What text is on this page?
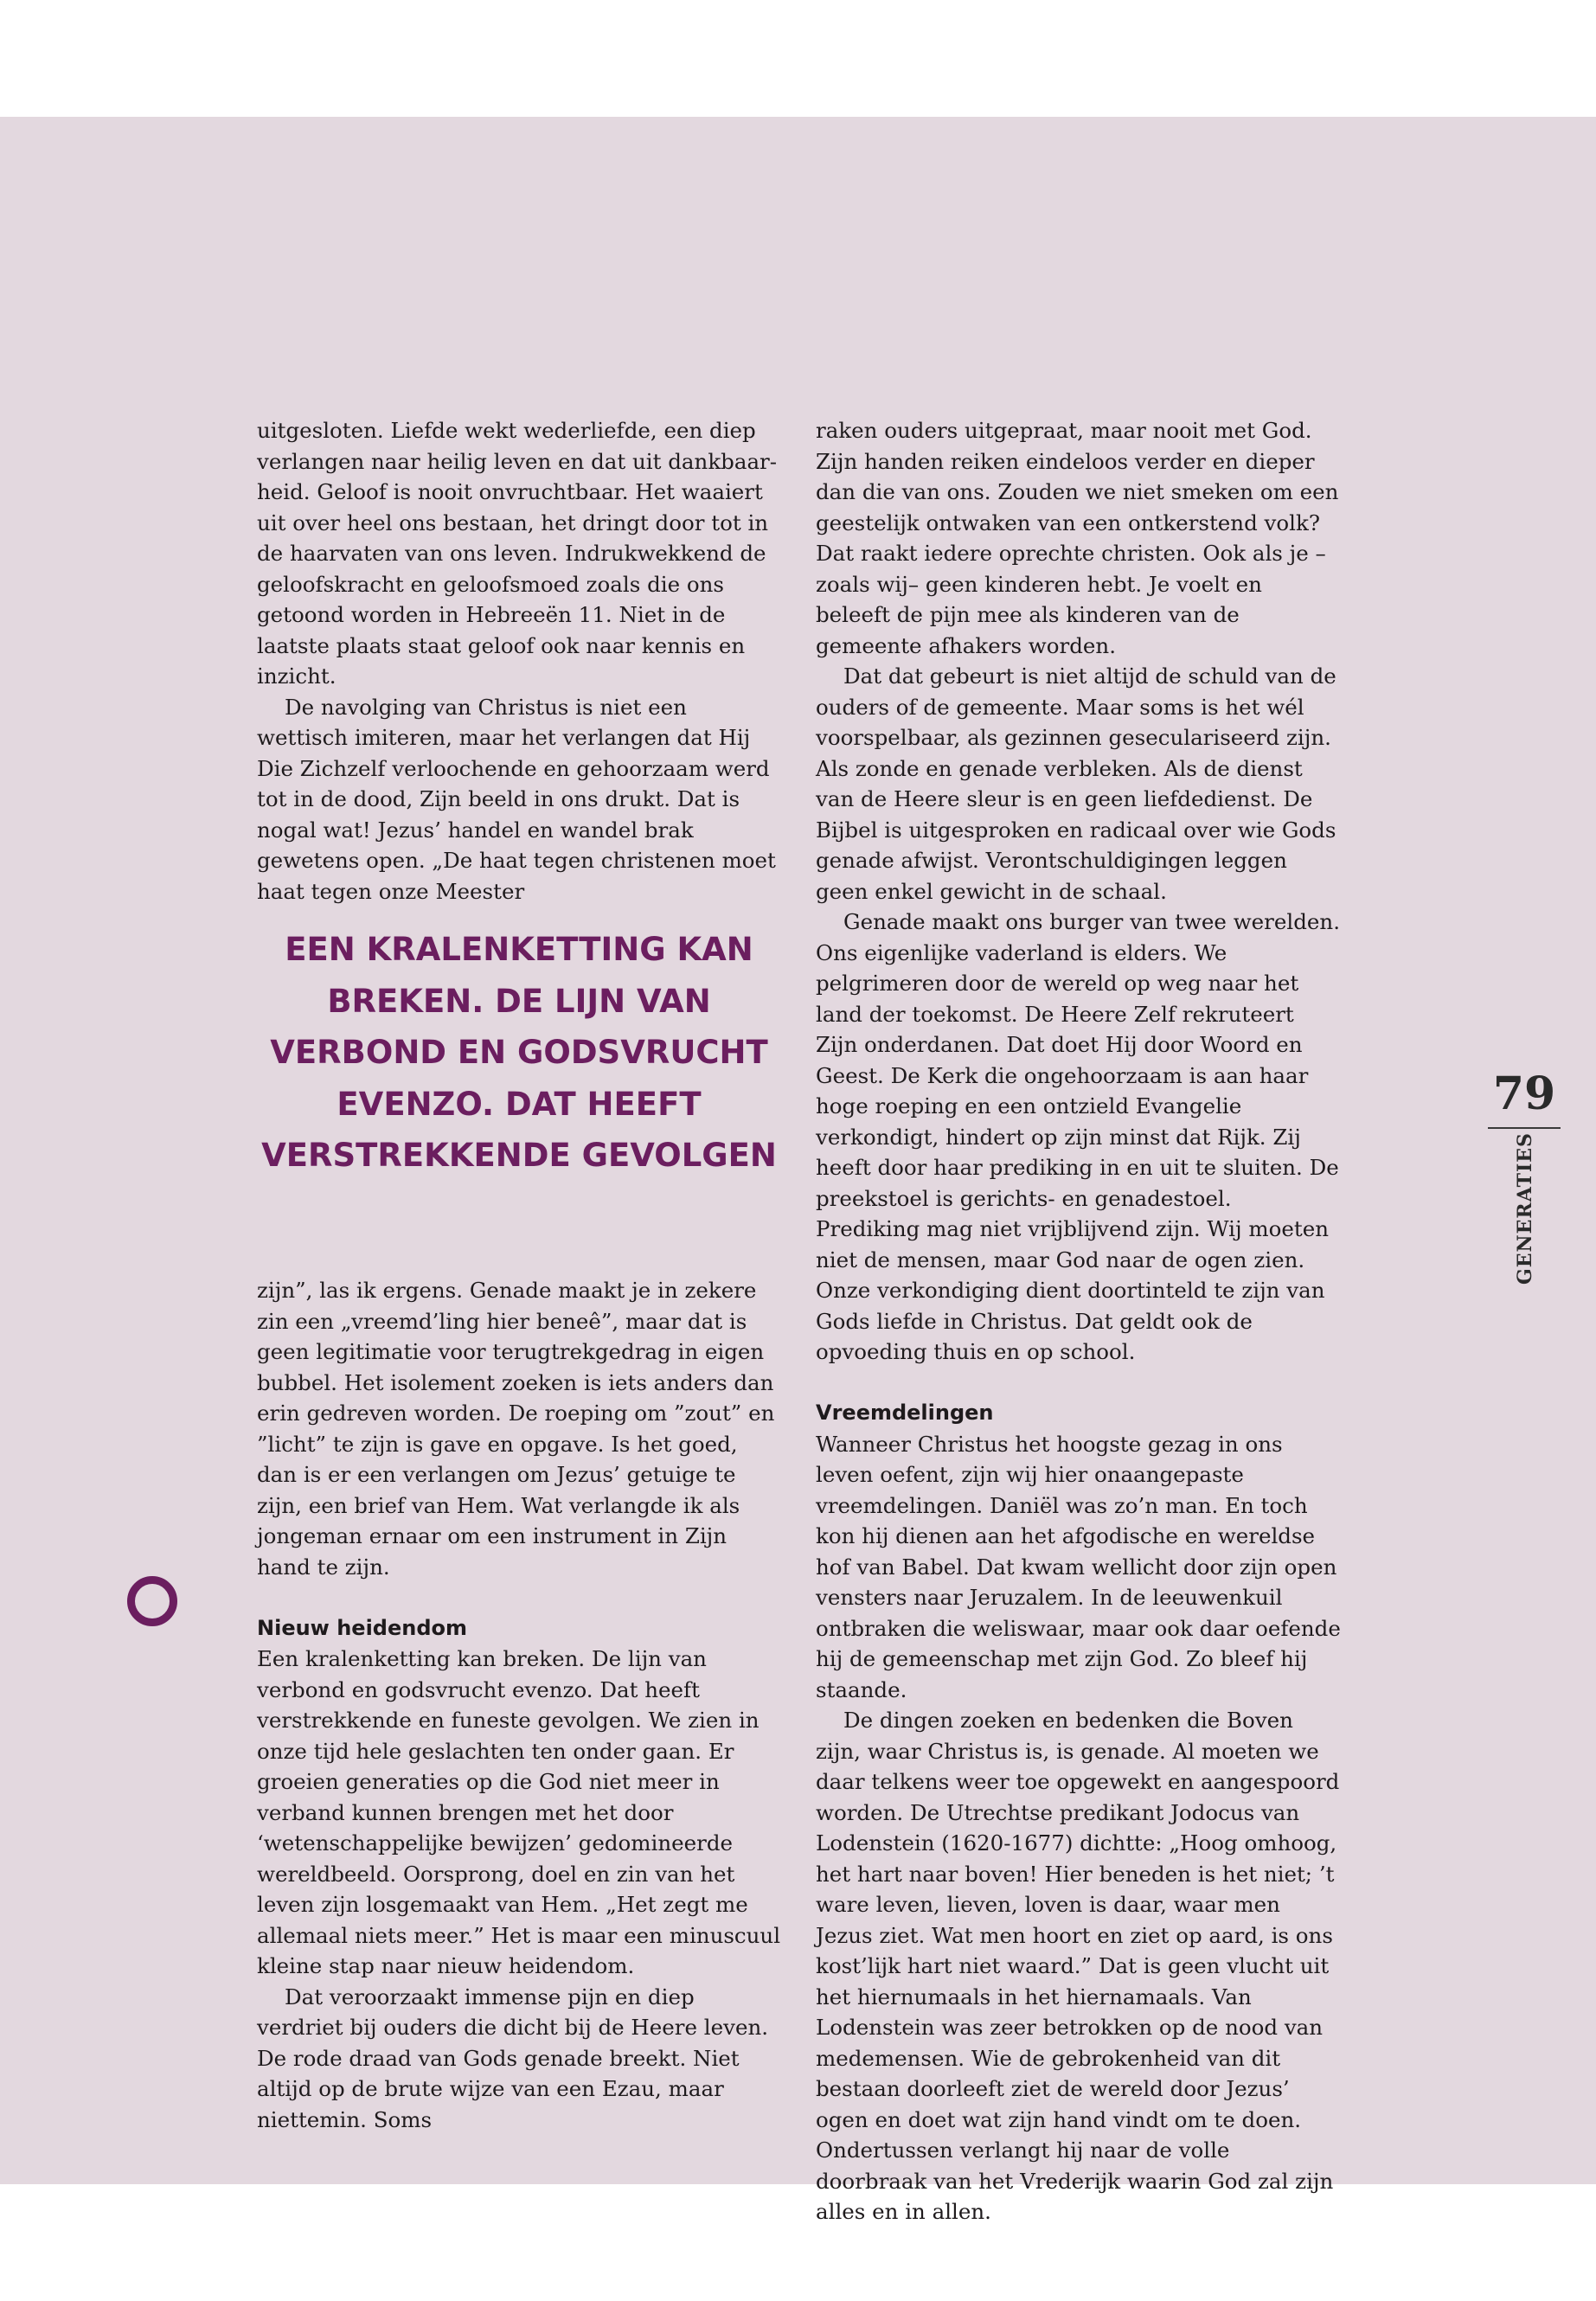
uitgesloten. Liefde wekt wederliefde, een diep verlangen naar heilig leven en dat uit dankbaarheid. Geloof is nooit onvruchtbaar. Het waaiert uit over heel ons bestaan, het dringt door tot in de haarvaten van ons leven. Indrukwekkend de geloofskracht en geloofsmoed zoals die ons getoond worden in Hebreeën 11. Niet in de laatste plaats staat geloof ook naar kennis en inzicht.

De navolging van Christus is niet een wettisch imiteren, maar het verlangen dat Hij Die Zichzelf verloochende en gehoorzaam werd tot in de dood, Zijn beeld in ons drukt. Dat is nogal wat! Jezus’ handel en wandel brak gewetens open. „De haat tegen christenen moet haat tegen onze Meester

EEN KRALENKETTING KAN BREKEN. DE LIJN VAN VERBOND EN GODSVRUCHT EVENZO. DAT HEEFT VERSTREKKENDE GEVOLGEN

zijn”, las ik ergens. Genade maakt je in zekere zin een „vreemd’ling hier beneê”, maar dat is geen legitimatie voor terugtrekgedrag in eigen bubbel. Het isolement zoeken is iets anders dan erin gedreven worden. De roeping om ”zout” en ”licht” te zijn is gave en opgave. Is het goed, dan is er een verlangen om Jezus’ getuige te zijn, een brief van Hem. Wat verlangde ik als jongeman ernaar om een instrument in Zijn hand te zijn.

Nieuw heidendom

Een kralenketting kan breken. De lijn van verbond en godsvrucht evenzo. Dat heeft verstrekkende en funeste gevolgen. We zien in onze tijd hele geslachten ten onder gaan. Er groeien generaties op die God niet meer in verband kunnen brengen met het door ‘wetenschappelijke bewijzen’ gedomineerde wereldbeeld. Oorsprong, doel en zin van het leven zijn losgemaakt van Hem. „Het zegt me allemaal niets meer.” Het is maar een minuscuul kleine stap naar nieuw heidendom.

Dat veroorzaakt immense pijn en diep verdriet bij ouders die dicht bij de Heere leven. De rode draad van Gods genade breekt. Niet altijd op de brute wijze van een Ezau, maar niettemin. Soms

raken ouders uitgepraat, maar nooit met God. Zijn handen reiken eindeloos verder en dieper dan die van ons. Zouden we niet smeken om een geestelijk ontwaken van een ontkerstend volk? Dat raakt iedere oprechte christen. Ook als je –zoals wij– geen kinderen hebt. Je voelt en beleeft de pijn mee als kinderen van de gemeente afhakers worden.

Dat dat gebeurt is niet altijd de schuld van de ouders of de gemeente. Maar soms is het wél voorspelbaar, als gezinnen geseculariseerd zijn. Als zonde en genade verbleken. Als de dienst van de Heere sleur is en geen liefdedienst. De Bijbel is uitgesproken en radicaal over wie Gods genade afwijst. Verontschuldigingen leggen geen enkel gewicht in de schaal.

Genade maakt ons burger van twee werelden. Ons eigenlijke vaderland is elders. We pelgrimeren door de wereld op weg naar het land der toekomst. De Heere Zelf rekruteert Zijn onderdanen. Dat doet Hij door Woord en Geest. De Kerk die ongehoorzaam is aan haar hoge roeping en een ontzield Evangelie verkondigt, hindert op zijn minst dat Rijk. Zij heeft door haar prediking in en uit te sluiten. De preekstoel is gerichts- en genadestoel. Prediking mag niet vrijblijvend zijn. Wij moeten niet de mensen, maar God naar de ogen zien. Onze verkondiging dient doortinteld te zijn van Gods liefde in Christus. Dat geldt ook de opvoeding thuis en op school.

Vreemdelingen

Wanneer Christus het hoogste gezag in ons leven oefent, zijn wij hier onaangepaste vreemdelingen. Daniël was zo’n man. En toch kon hij dienen aan het afgodische en wereldse hof van Babel. Dat kwam wellicht door zijn open vensters naar Jeruzalem. In de leeuwenkuil ontbraken die weliswaar, maar ook daar oefende hij de gemeenschap met zijn God. Zo bleef hij staande.

De dingen zoeken en bedenken die Boven zijn, waar Christus is, is genade. Al moeten we daar telkens weer toe opgewekt en aangespoord worden. De Utrechtse predikant Jodocus van Lodenstein (1620-1677) dichtte: „Hoog omhoog, het hart naar boven! Hier beneden is het niet; ’t ware leven, lieven, loven is daar, waar men Jezus ziet. Wat men hoort en ziet op aard, is ons kost’lijk hart niet waard.” Dat is geen vlucht uit het hiernumaals in het hiernamaals. Van Lodenstein was zeer betrokken op de nood van medemensen. Wie de gebrokenheid van dit bestaan doorleeft ziet de wereld door Jezus’ ogen en doet wat zijn hand vindt om te doen. Ondertussen verlangt hij naar de volle doorbraak van het Vrederijk waarin God zal zijn alles en in allen.

79
GENERATIES
